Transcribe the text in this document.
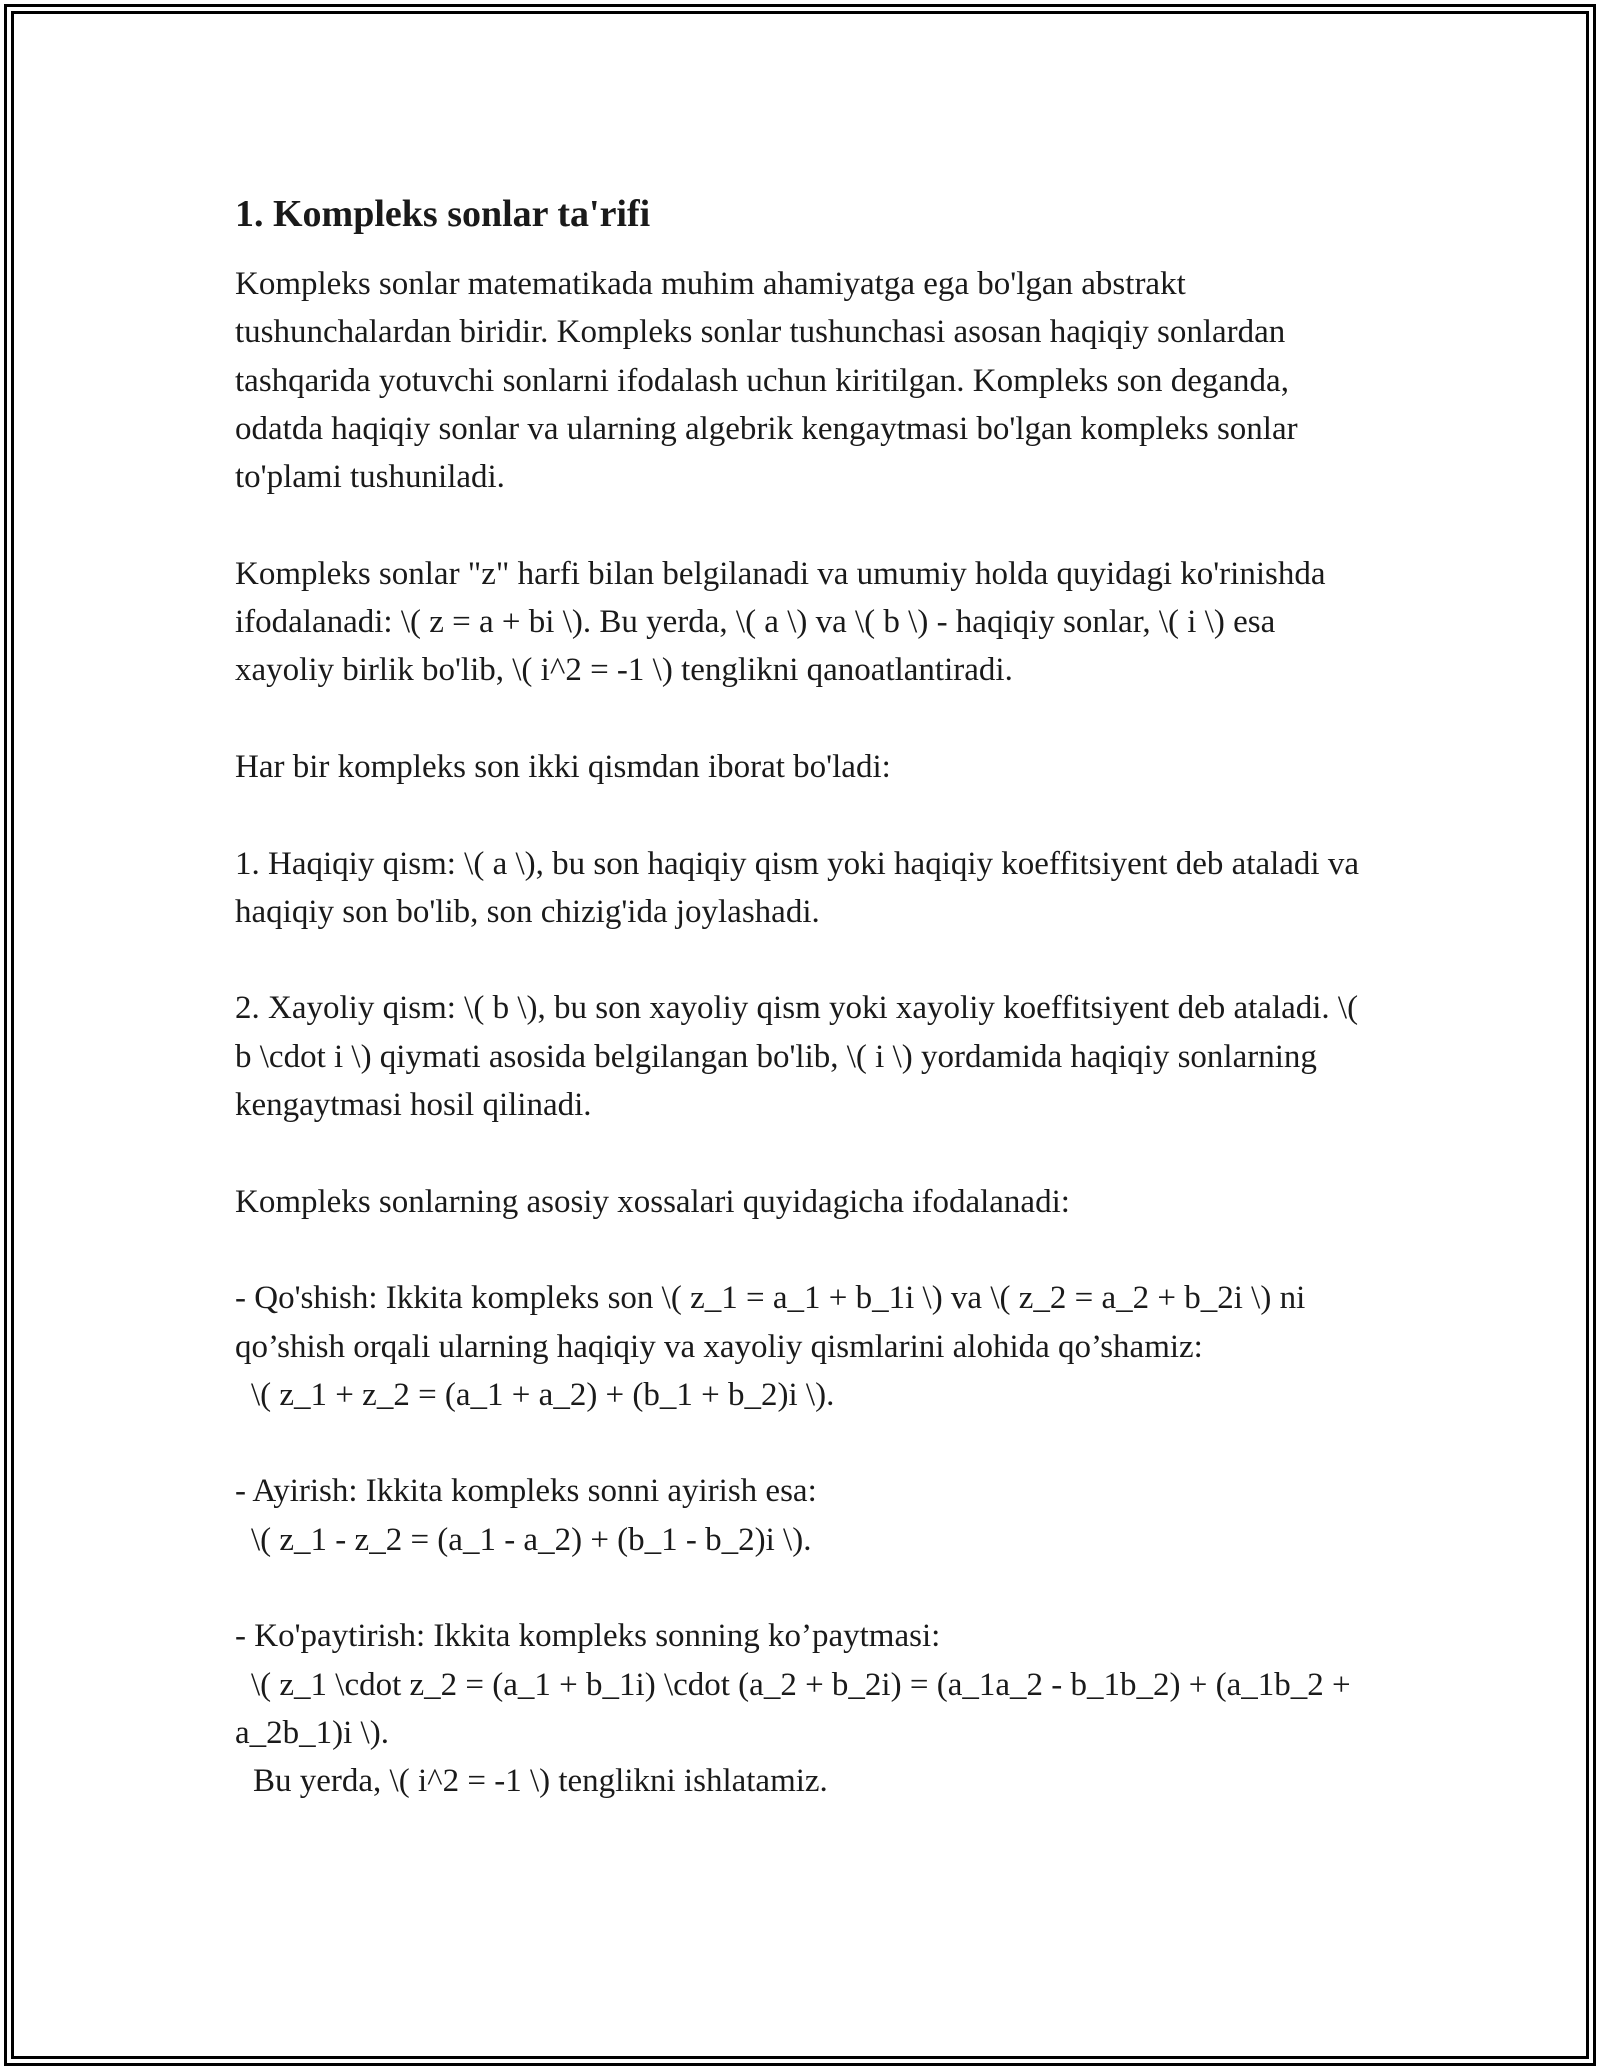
1. Kompleks sonlar ta'rifi

Kompleks sonlar matematikada muhim ahamiyatga ega bo'lgan abstrakt tushunchalardan biridir. Kompleks sonlar tushunchasi asosan haqiqiy sonlardan tashqarida yotuvchi sonlarni ifodalash uchun kiritilgan. Kompleks son deganda, odatda haqiqiy sonlar va ularning algebrik kengaytmasi bo'lgan kompleks sonlar to'plami tushuniladi.

Kompleks sonlar "z" harfi bilan belgilanadi va umumiy holda quyidagi ko'rinishda ifodalanadi: \( z = a + bi \). Bu yerda, \( a \) va \( b \) - haqiqiy sonlar, \( i \) esa xayoliy birlik bo'lib, \( i^2 = -1 \) tenglikni qanoatlantiradi.

Har bir kompleks son ikki qismdan iborat bo'ladi:

1. Haqiqiy qism: \( a \), bu son haqiqiy qism yoki haqiqiy koeffitsiyent deb ataladi va haqiqiy son bo'lib, son chizig'ida joylashadi.

2. Xayoliy qism: \( b \), bu son xayoliy qism yoki xayoliy koeffitsiyent deb ataladi. \( b \cdot i \) qiymati asosida belgilangan bo'lib, \( i \) yordamida haqiqiy sonlarning kengaytmasi hosil qilinadi.

Kompleks sonlarning asosiy xossalari quyidagicha ifodalanadi:

- Qo'shish: Ikkita kompleks son \( z_1 = a_1 + b_1i \) va \( z_2 = a_2 + b_2i \) ni qo’shish orqali ularning haqiqiy va xayoliy qismlarini alohida qo’shamiz:

\( z_1 + z_2 = (a_1 + a_2) + (b_1 + b_2)i \).

- Ayirish: Ikkita kompleks sonni ayirish esa:

\( z_1 - z_2 = (a_1 - a_2) + (b_1 - b_2)i \).

- Ko'paytirish: Ikkita kompleks sonning ko’paytmasi:

\( z_1 \cdot z_2 = (a_1 + b_1i) \cdot (a_2 + b_2i) = (a_1a_2 - b_1b_2) + (a_1b_2 + a_2b_1)i \).

Bu yerda, \( i^2 = -1 \) tenglikni ishlatamiz.
